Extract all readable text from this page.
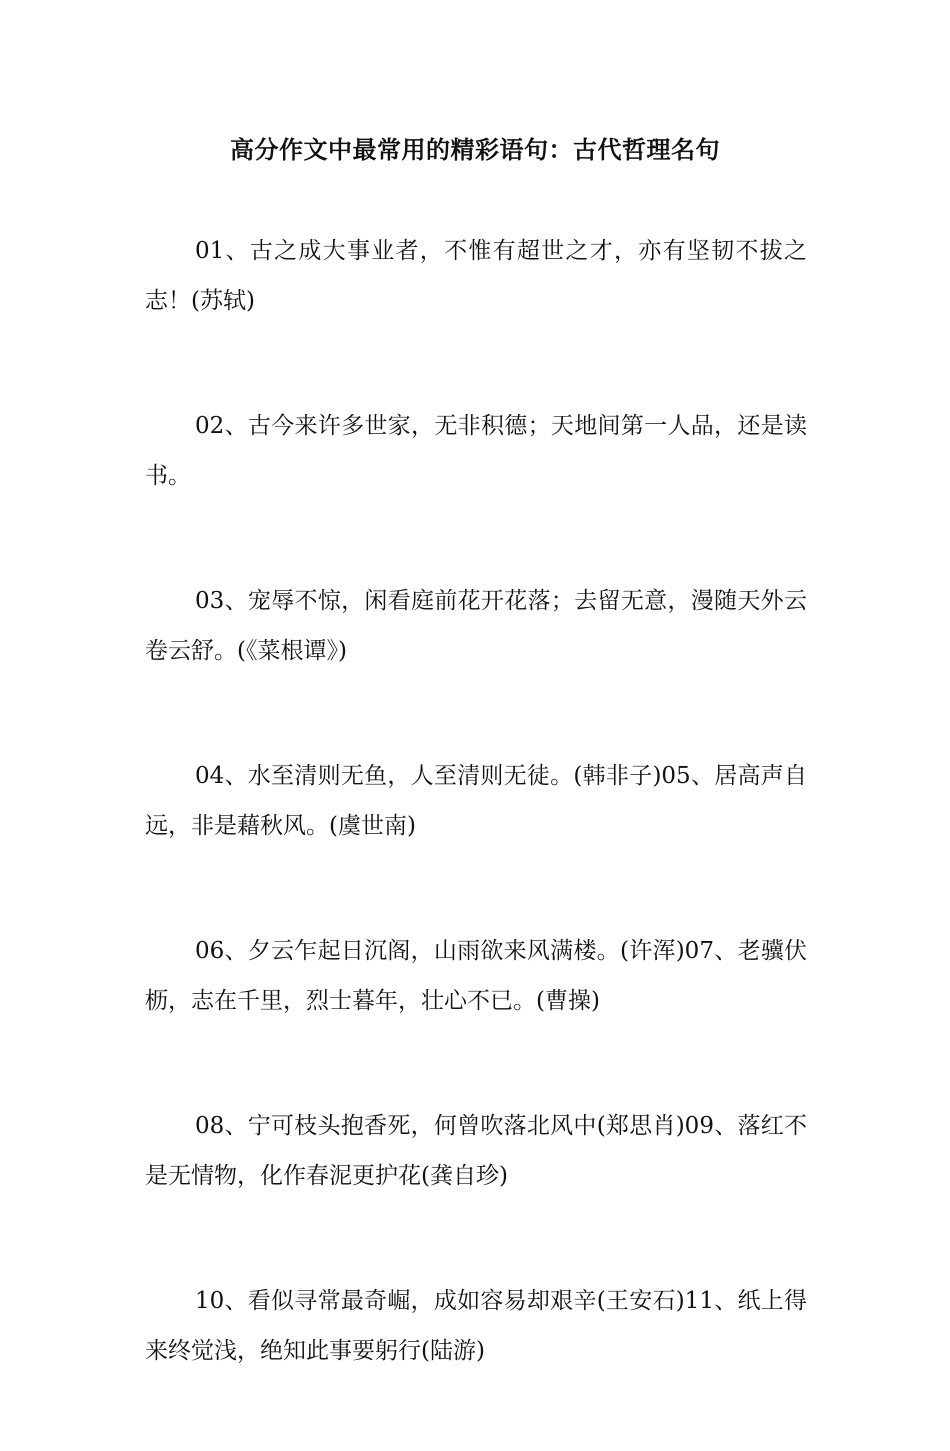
高分作文中最常用的精彩语句：古代哲理名句

01、古之成大事业者，不惟有超世之才，亦有坚韧不拔之志！(苏轼)

02、古今来许多世家，无非积德；天地间第一人品，还是读书。

03、宠辱不惊，闲看庭前花开花落；去留无意，漫随天外云卷云舒。(《菜根谭》)

04、水至清则无鱼，人至清则无徒。(韩非子)05、居高声自远，非是藉秋风。(虞世南)

06、夕云乍起日沉阁，山雨欲来风满楼。(许浑)07、老骥伏枥，志在千里，烈士暮年，壮心不已。(曹操)

08、宁可枝头抱香死，何曾吹落北风中(郑思肖)09、落红不是无情物，化作春泥更护花(龚自珍)

10、看似寻常最奇崛，成如容易却艰辛(王安石)11、纸上得来终觉浅，绝知此事要躬行(陆游)
